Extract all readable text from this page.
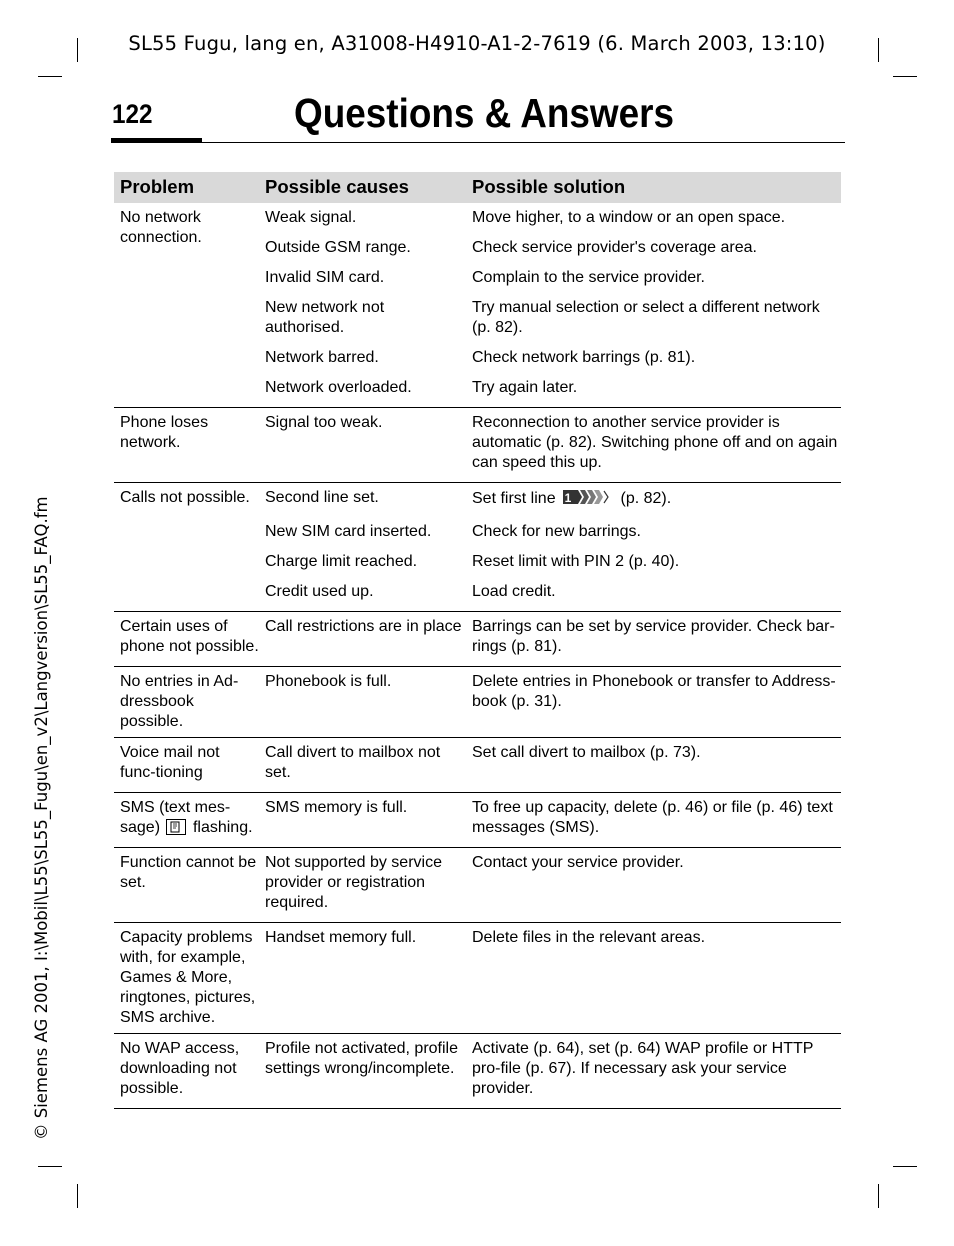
SL55 Fugu, lang en, A31008-H4910-A1-2-7619 (6. March 2003, 13:10)
122	Questions & Answers
© Siemens AG 2001, I:\Mobil\L55\SL55_Fugu\en_v2\Langversion\SL55_FAQ.fm
Problem	Possible causes	Possible solution
No network connection.	Weak signal.	Move higher, to a window or an open space.
	Outside GSM range.	Check service provider's coverage area.
	Invalid SIM card.	Complain to the service provider.
	New network not authorised.	Try manual selection or select a different network (p. 82).
	Network barred.	Check network barrings (p. 81).
	Network overloaded.	Try again later.
Phone loses network.	Signal too weak.	Reconnection to another service provider is automatic (p. 82). Switching phone off and on again can speed this up.
Calls not possible.	Second line set.	Set first line 1 (p. 82).
	New SIM card inserted.	Check for new barrings.
	Charge limit reached.	Reset limit with PIN 2 (p. 40).
	Credit used up.	Load credit.
Certain uses of phone not possible.	Call restrictions are in place	Barrings can be set by service provider. Check bar-rings (p. 81).
No entries in Ad-dressbook possible.	Phonebook is full.	Delete entries in Phonebook or transfer to Address-book (p. 31).
Voice mail not func-tioning	Call divert to mailbox not set.	Set call divert to mailbox (p. 73).
SMS (text mes-sage) flashing.	SMS memory is full.	To free up capacity, delete (p. 46) or file (p. 46) text messages (SMS).
Function cannot be set.	Not supported by service provider or registration required.	Contact your service provider.
Capacity problems with, for example, Games & More, ringtones, pictures, SMS archive.	Handset memory full.	Delete files in the relevant areas.
No WAP access, downloading not possible.	Profile not activated, profile settings wrong/incomplete.	Activate (p. 64), set (p. 64) WAP profile or HTTP pro-file (p. 67). If necessary ask your service provider.
